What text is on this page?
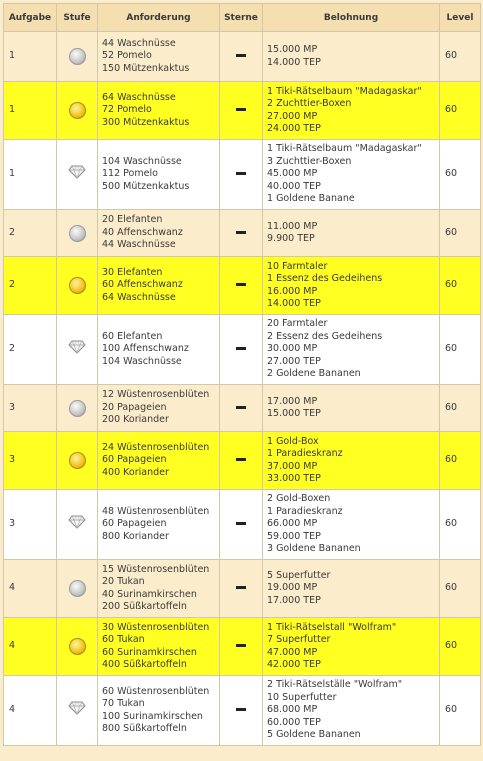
Aufgabe	Stufe	Anforderung	Sterne	Belohnung	Level
1		44 Waschnüsse
52 Pomelo
150 Mützenkaktus		15.000 MP
14.000 TEP	60
1		64 Waschnüsse
72 Pomelo
300 Mützenkaktus		1 Tiki-Rätselbaum "Madagaskar"
2 Zuchttier-Boxen
27.000 MP
24.000 TEP	60
1		104 Waschnüsse
112 Pomelo
500 Mützenkaktus		1 Tiki-Rätselbaum "Madagaskar"
3 Zuchttier-Boxen
45.000 MP
40.000 TEP
1 Goldene Banane	60
2		20 Elefanten
40 Affenschwanz
44 Waschnüsse		11.000 MP
9.900 TEP	60
2		30 Elefanten
60 Affenschwanz
64 Waschnüsse		10 Farmtaler
1 Essenz des Gedeihens
16.000 MP
14.000 TEP	60
2		60 Elefanten
100 Affenschwanz
104 Waschnüsse		20 Farmtaler
2 Essenz des Gedeihens
30.000 MP
27.000 TEP
2 Goldene Bananen	60
3		12 Wüstenrosenblüten
20 Papageien
200 Koriander		17.000 MP
15.000 TEP	60
3		24 Wüstenrosenblüten
60 Papageien
400 Koriander		1 Gold-Box
1 Paradieskranz
37.000 MP
33.000 TEP	60
3		48 Wüstenrosenblüten
60 Papageien
800 Koriander		2 Gold-Boxen
1 Paradieskranz
66.000 MP
59.000 TEP
3 Goldene Bananen	60
4		15 Wüstenrosenblüten
20 Tukan
40 Surinamkirschen
200 Süßkartoffeln		5 Superfutter
19.000 MP
17.000 TEP	60
4		30 Wüstenrosenblüten
60 Tukan
60 Surinamkirschen
400 Süßkartoffeln		1 Tiki-Rätselstall "Wolfram"
7 Superfutter
47.000 MP
42.000 TEP	60
4		60 Wüstenrosenblüten
70 Tukan
100 Surinamkirschen
800 Süßkartoffeln		2 Tiki-Rätselställe "Wolfram"
10 Superfutter
68.000 MP
60.000 TEP
5 Goldene Bananen	60
